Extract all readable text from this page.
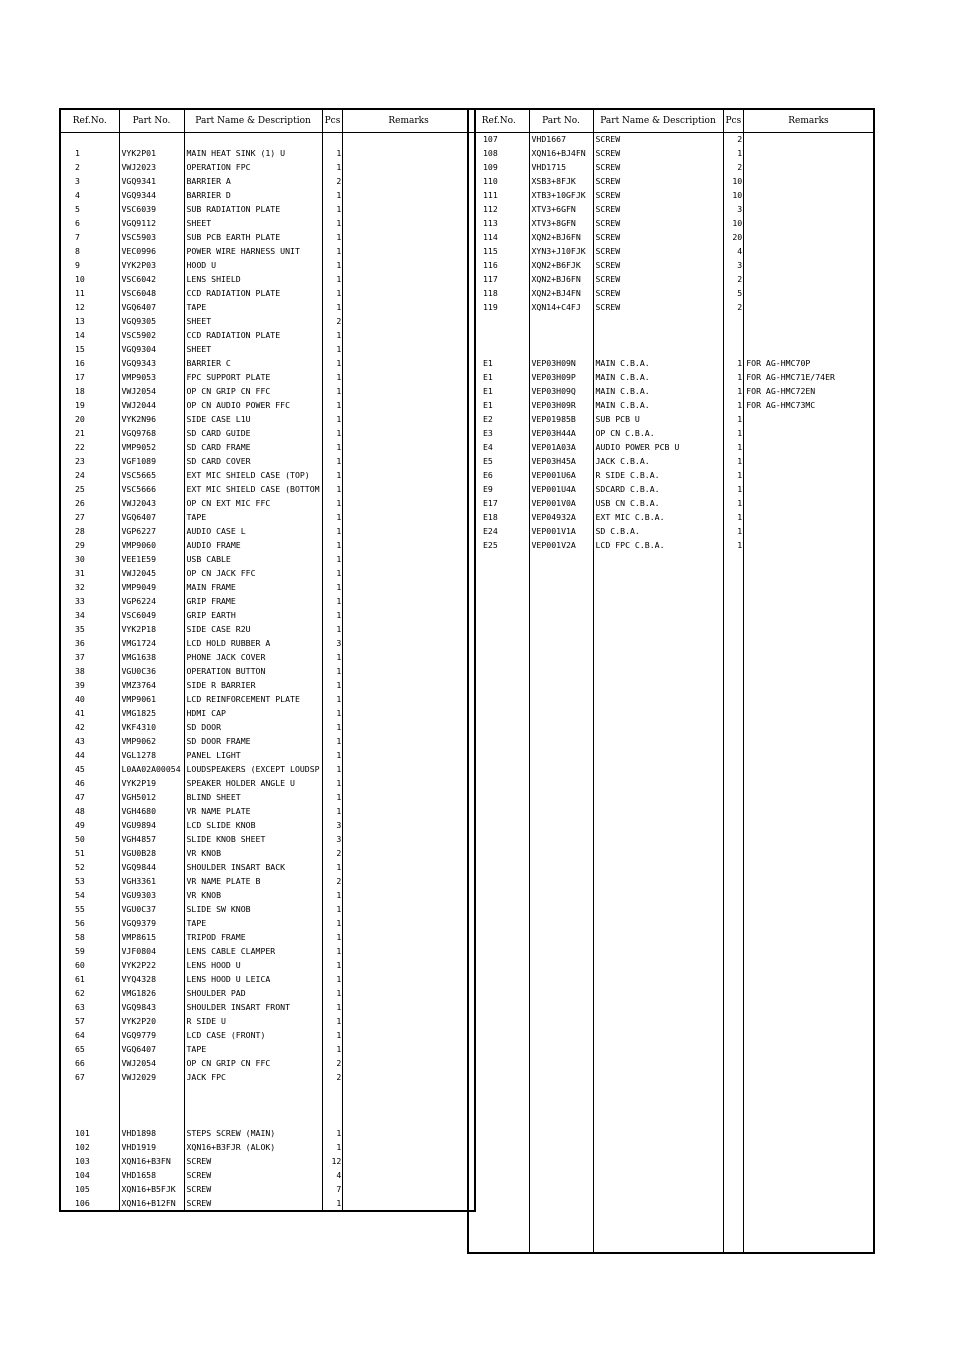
Ref.No.	Part No.	Part Name & Description	Pcs	Remarks

1	VYK2P01	MAIN HEAT SINK (1) U	1	
2	VWJ2023	OPERATION FPC	1	
3	VGQ9341	BARRIER A	2	
4	VGQ9344	BARRIER D	1	
5	VSC6039	SUB RADIATION PLATE	1	
6	VGQ9112	SHEET	1	
7	VSC5903	SUB PCB EARTH PLATE	1	
8	VEC0996	POWER WIRE HARNESS UNIT	1	
9	VYK2P03	HOOD U	1	
10	VSC6042	LENS SHIELD	1	
11	VSC6048	CCD RADIATION PLATE	1	
12	VGQ6407	TAPE	1	
13	VGQ9305	SHEET	2	
14	VSC5902	CCD RADIATION PLATE	1	
15	VGQ9304	SHEET	1	
16	VGQ9343	BARRIER C	1	
17	VMP9053	FPC SUPPORT PLATE	1	
18	VWJ2054	OP CN GRIP CN FFC	1	
19	VWJ2044	OP CN AUDIO POWER FFC	1	
20	VYK2N96	SIDE CASE L1U	1	
21	VGQ9768	SD CARD GUIDE	1	
22	VMP9052	SD CARD FRAME	1	
23	VGF1089	SD CARD COVER	1	
24	VSC5665	EXT MIC SHIELD CASE (TOP)	1	
25	VSC5666	EXT MIC SHIELD CASE (BOTTOM	1	
26	VWJ2043	OP CN EXT MIC FFC	1	
27	VGQ6407	TAPE	1	
28	VGP6227	AUDIO CASE L	1	
29	VMP9060	AUDIO FRAME	1	
30	VEE1E59	USB CABLE	1	
31	VWJ2045	OP CN JACK FFC	1	
32	VMP9049	MAIN FRAME	1	
33	VGP6224	GRIP FRAME	1	
34	VSC6049	GRIP EARTH	1	
35	VYK2P18	SIDE CASE R2U	1	
36	VMG1724	LCD HOLD RUBBER A	3	
37	VMG1638	PHONE JACK COVER	1	
38	VGU0C36	OPERATION BUTTON	1	
39	VMZ3764	SIDE R BARRIER	1	
40	VMP9061	LCD REINFORCEMENT PLATE	1	
41	VMG1825	HDMI CAP	1	
42	VKF4310	SD DOOR	1	
43	VMP9062	SD DOOR FRAME	1	
44	VGL1278	PANEL LIGHT	1	
45	L0AA02A00054	LOUDSPEAKERS (EXCEPT LOUDSP	1	
46	VYK2P19	SPEAKER HOLDER ANGLE U	1	
47	VGH5012	BLIND SHEET	1	
48	VGH4680	VR NAME PLATE	1	
49	VGU9894	LCD SLIDE KNOB	3	
50	VGH4857	SLIDE KNOB SHEET	3	
51	VGU0B28	VR KNOB	2	
52	VGQ9844	SHOULDER INSART BACK	1	
53	VGH3361	VR NAME PLATE B	2	
54	VGU9303	VR KNOB	1	
55	VGU0C37	SLIDE SW KNOB	1	
56	VGQ9379	TAPE	1	
58	VMP8615	TRIPOD FRAME	1	
59	VJF0804	LENS CABLE CLAMPER	1	
60	VYK2P22	LENS HOOD U	1	
61	VYQ4328	LENS HOOD U LEICA	1	
62	VMG1826	SHOULDER PAD	1	
63	VGQ9843	SHOULDER INSART FRONT	1	
57	VYK2P20	R SIDE U	1	
64	VGQ9779	LCD CASE (FRONT)	1	
65	VGQ6407	TAPE	1	
66	VWJ2054	OP CN GRIP CN FFC	2	
67	VWJ2029	JACK FPC	2	

101	VHD1898	STEPS SCREW (MAIN)	1	
102	VHD1919	XQN16+B3FJR (ALOK)	1	
103	XQN16+B3FN	SCREW	12	
104	VHD1658	SCREW	4	
105	XQN16+B5FJK	SCREW	7	
106	XQN16+B12FN	SCREW	1	
Ref.No.	Part No.	Part Name & Description	Pcs	Remarks
107	VHD1667	SCREW	2	
108	XQN16+BJ4FN	SCREW	1	
109	VHD1715	SCREW	2	
110	XSB3+8FJK	SCREW	10	
111	XTB3+10GFJK	SCREW	10	
112	XTV3+6GFN	SCREW	3	
113	XTV3+8GFN	SCREW	10	
114	XQN2+BJ6FN	SCREW	20	
115	XYN3+J10FJK	SCREW	4	
116	XQN2+B6FJK	SCREW	3	
117	XQN2+BJ6FN	SCREW	2	
118	XQN2+BJ4FN	SCREW	5	
119	XQN14+C4FJ	SCREW	2	

E1	VEP03H09N	MAIN C.B.A.	1	FOR AG-HMC70P
E1	VEP03H09P	MAIN C.B.A.	1	FOR AG-HMC71E/74ER
E1	VEP03H09Q	MAIN C.B.A.	1	FOR AG-HMC72EN
E1	VEP03H09R	MAIN C.B.A.	1	FOR AG-HMC73MC
E2	VEP01985B	SUB PCB U	1	
E3	VEP03H44A	OP CN C.B.A.	1	
E4	VEP01A03A	AUDIO POWER PCB U	1	
E5	VEP03H45A	JACK C.B.A.	1	
E6	VEP001U6A	R SIDE C.B.A.	1	
E9	VEP001U4A	SDCARD C.B.A.	1	
E17	VEP001V0A	USB CN C.B.A.	1	
E18	VEP04932A	EXT MIC C.B.A.	1	
E24	VEP001V1A	SD C.B.A.	1	
E25	VEP001V2A	LCD FPC C.B.A.	1	
